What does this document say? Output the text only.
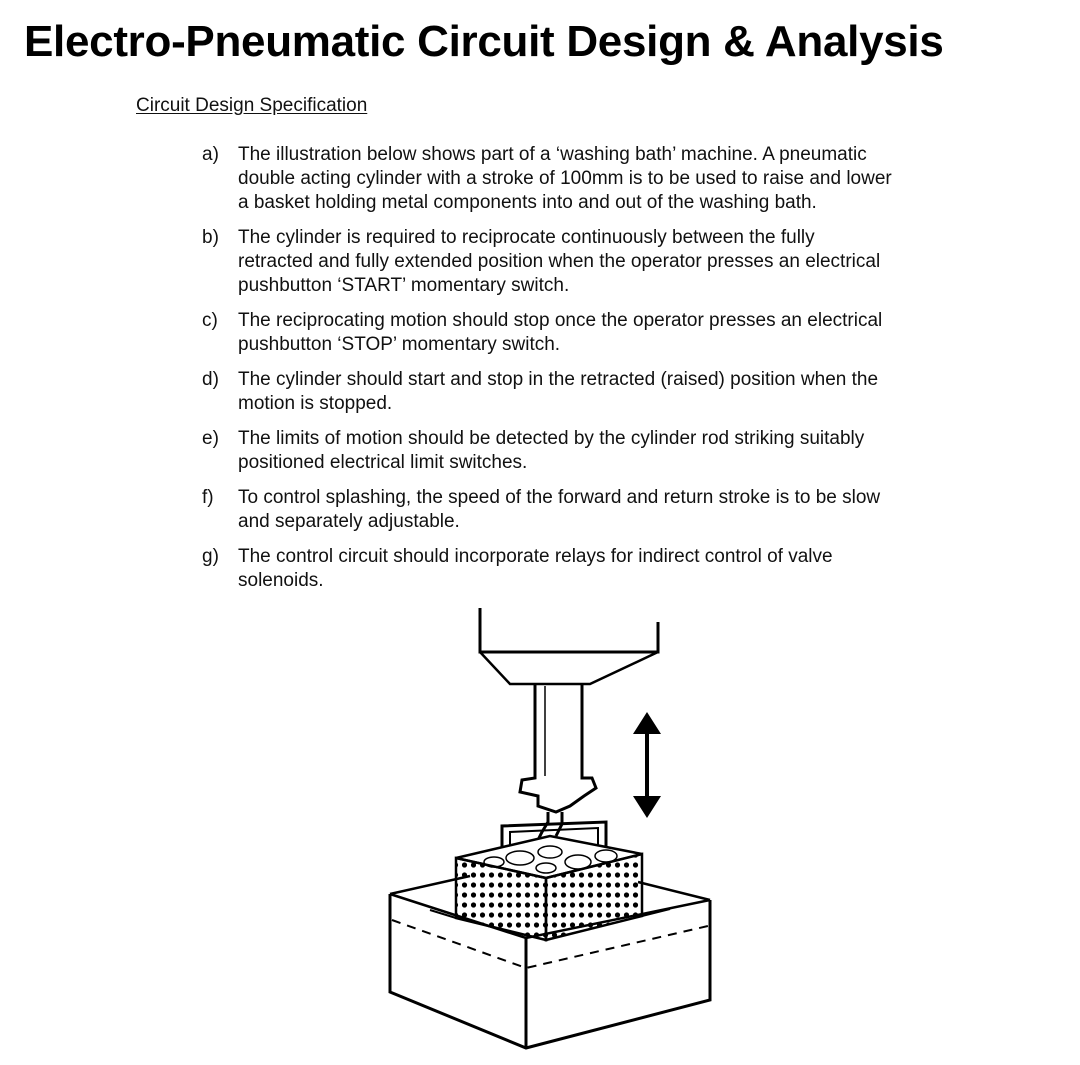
Electro-Pneumatic Circuit Design & Analysis
Circuit Design Specification
a)	The illustration below shows part of a ‘washing bath’ machine. A pneumatic
double acting cylinder with a stroke of 100mm is to be used to raise and lower
a basket holding metal components into and out of the washing bath.
b)	The cylinder is required to reciprocate continuously between the fully
retracted and fully extended position when the operator presses an electrical
pushbutton ‘START’ momentary switch.
c)	The reciprocating motion should stop once the operator presses an electrical
pushbutton ‘STOP’ momentary switch.
d)	The cylinder should start and stop in the retracted (raised) position when the
motion is stopped.
e)	The limits of motion should be detected by the cylinder rod striking suitably
positioned electrical limit switches.
f)	To control splashing, the speed of the forward and return stroke is to be slow
and separately adjustable.
g)	The control circuit should incorporate relays for indirect control of valve
solenoids.
